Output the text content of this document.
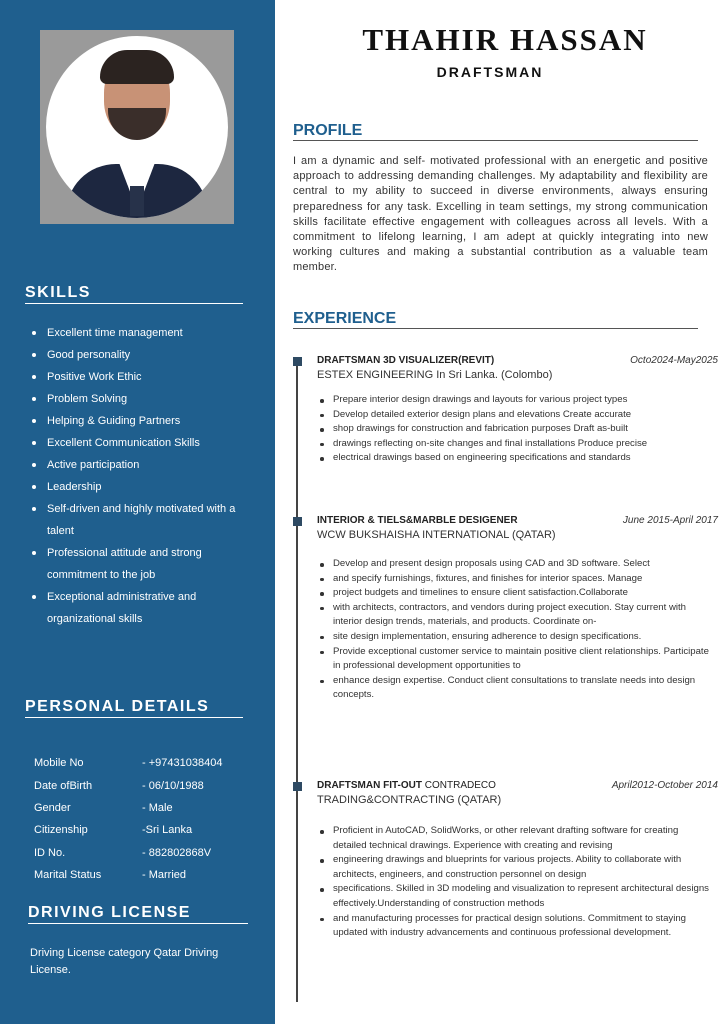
SKILLS
Excellent time management
Good personality
Positive Work Ethic
Problem Solving
Helping & Guiding Partners
Excellent Communication Skills
Active participation
Leadership
Self-driven and highly motivated with a talent
Professional attitude and strong commitment to the job
Exceptional administrative and organizational skills
PERSONAL DETAILS
Mobile No	- +97431038404
Date ofBirth	- 06/10/1988
Gender	- Male
Citizenship	-Sri Lanka
ID No.	- 882802868V
Marital Status	- Married
DRIVING LICENSE
Driving License category Qatar Driving License.
THAHIR HASSAN
DRAFTSMAN
PROFILE
I am a dynamic and self- motivated professional with an energetic and positive approach to addressing demanding challenges. My adaptability and flexibility are central to my ability to succeed in diverse environments, always ensuring preparedness for any task. Excelling in team settings, my strong communication skills facilitate effective engagement with colleagues across all levels. With a commitment to lifelong learning, I am adept at quickly integrating into new working cultures and making a substantial contribution as a valuable team member.
EXPERIENCE
DRAFTSMAN 3D VISUALIZER(REVIT)	Octo2024-May2025
ESTEX ENGINEERING In Sri Lanka. (Colombo)
Prepare interior design drawings and layouts for various project types
Develop detailed exterior design plans and elevations Create accurate
shop drawings for construction and fabrication purposes Draft as-built
drawings reflecting on-site changes and final installations Produce precise
electrical drawings based on engineering specifications and standards
INTERIOR & TIELS&MARBLE DESIGENER	June 2015-April 2017
WCW BUKSHAISHA INTERNATIONAL (QATAR)
Develop and present design proposals using CAD and 3D software. Select
and specify furnishings, fixtures, and finishes for interior spaces. Manage
project budgets and timelines to ensure client satisfaction.Collaborate
with architects, contractors, and vendors during project execution. Stay current with interior design trends, materials, and products. Coordinate on-
site design implementation, ensuring adherence to design specifications.
Provide exceptional customer service to maintain positive client relationships. Participate in professional development opportunities to
enhance design expertise. Conduct client consultations to translate needs into design concepts.
DRAFTSMAN FIT-OUT CONTRADECO	April2012-October 2014
TRADING&CONTRACTING (QATAR)
Proficient in AutoCAD, SolidWorks, or other relevant drafting software for creating detailed technical drawings. Experience with creating and revising
engineering drawings and blueprints for various projects. Ability to collaborate with architects, engineers, and construction personnel on design
specifications. Skilled in 3D modeling and visualization to represent architectural designs effectively.Understanding of construction methods
and manufacturing processes for practical design solutions. Commitment to staying updated with industry advancements and continuous professional development.
